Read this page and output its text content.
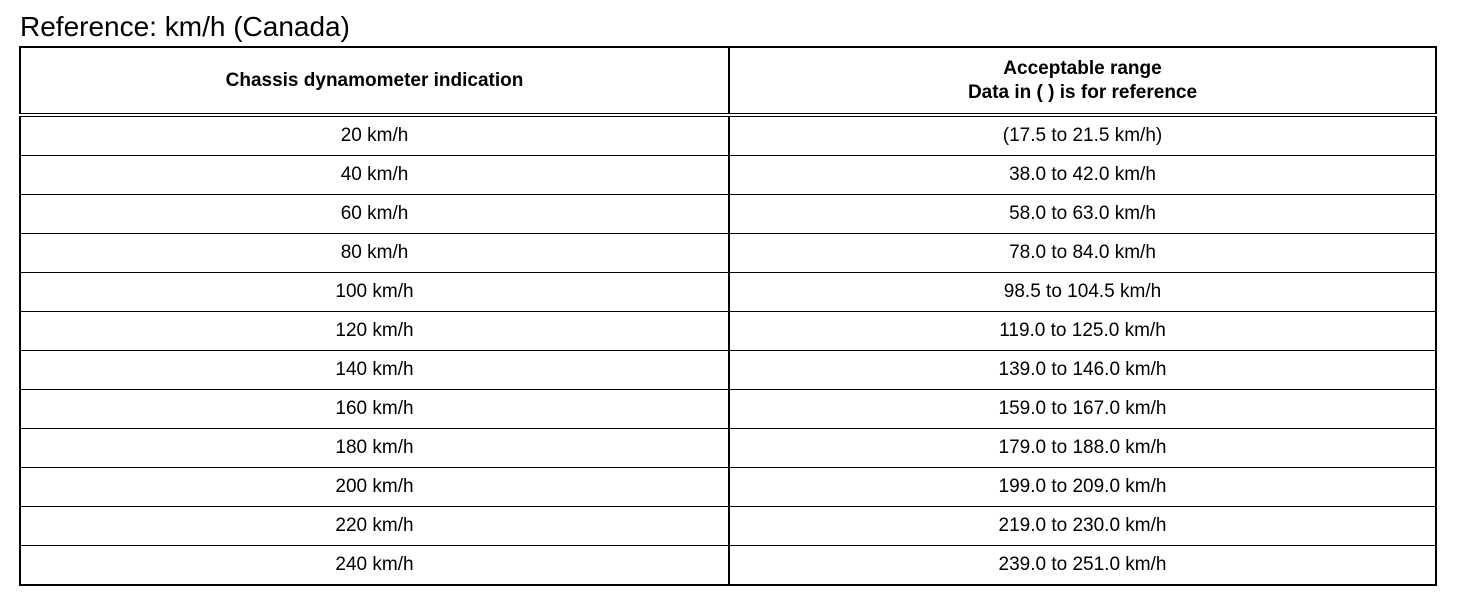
Reference: km/h (Canada)
Chassis dynamometer indication	Acceptable range
Data in ( ) is for reference

20 km/h	(17.5 to 21.5 km/h)
40 km/h	38.0 to 42.0 km/h
60 km/h	58.0 to 63.0 km/h
80 km/h	78.0 to 84.0 km/h
100 km/h	98.5 to 104.5 km/h
120 km/h	119.0 to 125.0 km/h
140 km/h	139.0 to 146.0 km/h
160 km/h	159.0 to 167.0 km/h
180 km/h	179.0 to 188.0 km/h
200 km/h	199.0 to 209.0 km/h
220 km/h	219.0 to 230.0 km/h
240 km/h	239.0 to 251.0 km/h
